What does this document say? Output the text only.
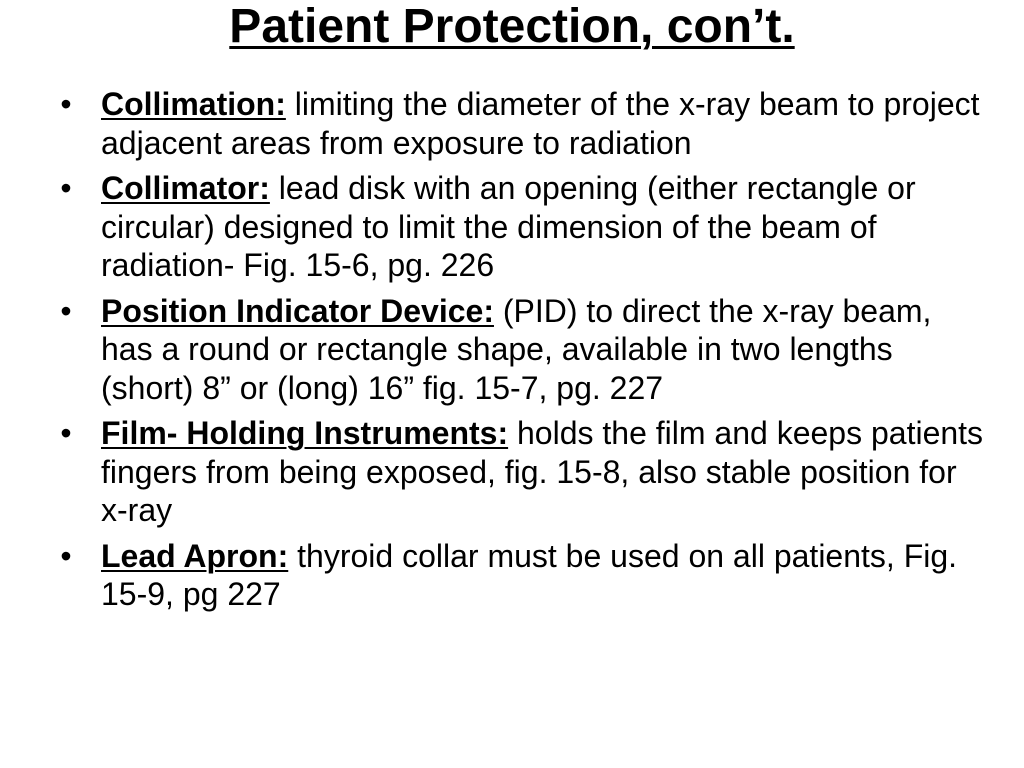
Patient Protection, con’t.
• Collimation: limiting the diameter of the x-ray beam to project adjacent areas from exposure to radiation
• Collimator: lead disk with an opening (either rectangle or circular) designed to limit the dimension of the beam of radiation- Fig. 15-6, pg. 226
• Position Indicator Device: (PID) to direct the x-ray beam, has a round or rectangle shape, available in two lengths (short) 8” or (long) 16” fig. 15-7, pg. 227
• Film- Holding Instruments: holds the film and keeps patients fingers from being exposed, fig. 15-8, also stable position for x-ray
• Lead Apron: thyroid collar must be used on all patients, Fig. 15-9, pg 227
